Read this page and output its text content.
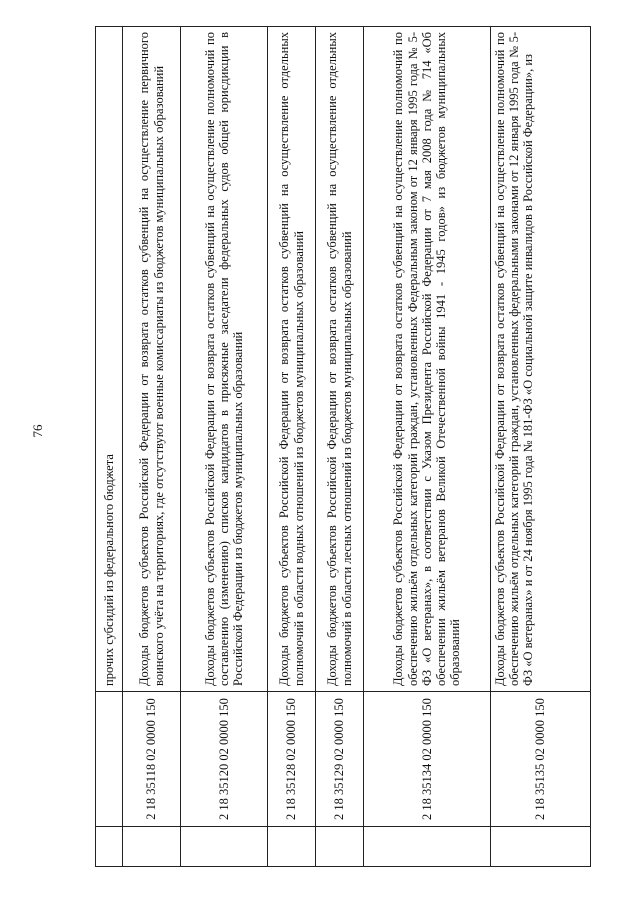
76
		прочих субсидий из федерального бюджета
	2 18 35118 02 0000 150	Доходы бюджетов субъектов Российской Федерации от возврата остатков субвенций на осуществление первичного воинского учёта на территориях, где отсутствуют военные комиссариаты из бюджетов муниципальных образований
	2 18 35120 02 0000 150	Доходы бюджетов субъектов Российской Федерации от возврата остатков субвенций на осуществление полномочий по составлению (изменению) списков кандидатов в присяжные заседатели федеральных судов общей юрисдикции в Российской Федерации из бюджетов муниципальных образований
	2 18 35128 02 0000 150	Доходы бюджетов субъектов Российской Федерации от возврата остатков субвенций на осуществление отдельных полномочий в области водных отношений из бюджетов муниципальных образований
	2 18 35129 02 0000 150	Доходы бюджетов субъектов Российской Федерации от возврата остатков субвенций на осуществление отдельных полномочий в области лесных отношений из бюджетов муниципальных образований
	2 18 35134 02 0000 150	Доходы бюджетов субъектов Российской Федерации от возврата остатков субвенций на осуществление полномочий по обеспечению жильём отдельных категорий граждан, установленных Федеральным законом от 12 января 1995 года № 5-ФЗ «О ветеранах», в соответствии с Указом Президента Российской Федерации от 7 мая 2008 года № 714 «Об обеспечении жильём ветеранов Великой Отечественной войны 1941 - 1945 годов» из бюджетов муниципальных образований
	2 18 35135 02 0000 150	Доходы бюджетов субъектов Российской Федерации от возврата остатков субвенций на осуществление полномочий по обеспечению жильём отдельных категорий граждан, установленных федеральными законами от 12 января 1995 года № 5-ФЗ «О ветеранах» и от 24 ноября 1995 года № 181-ФЗ «О социальной защите инвалидов в Российской Федерации», из
